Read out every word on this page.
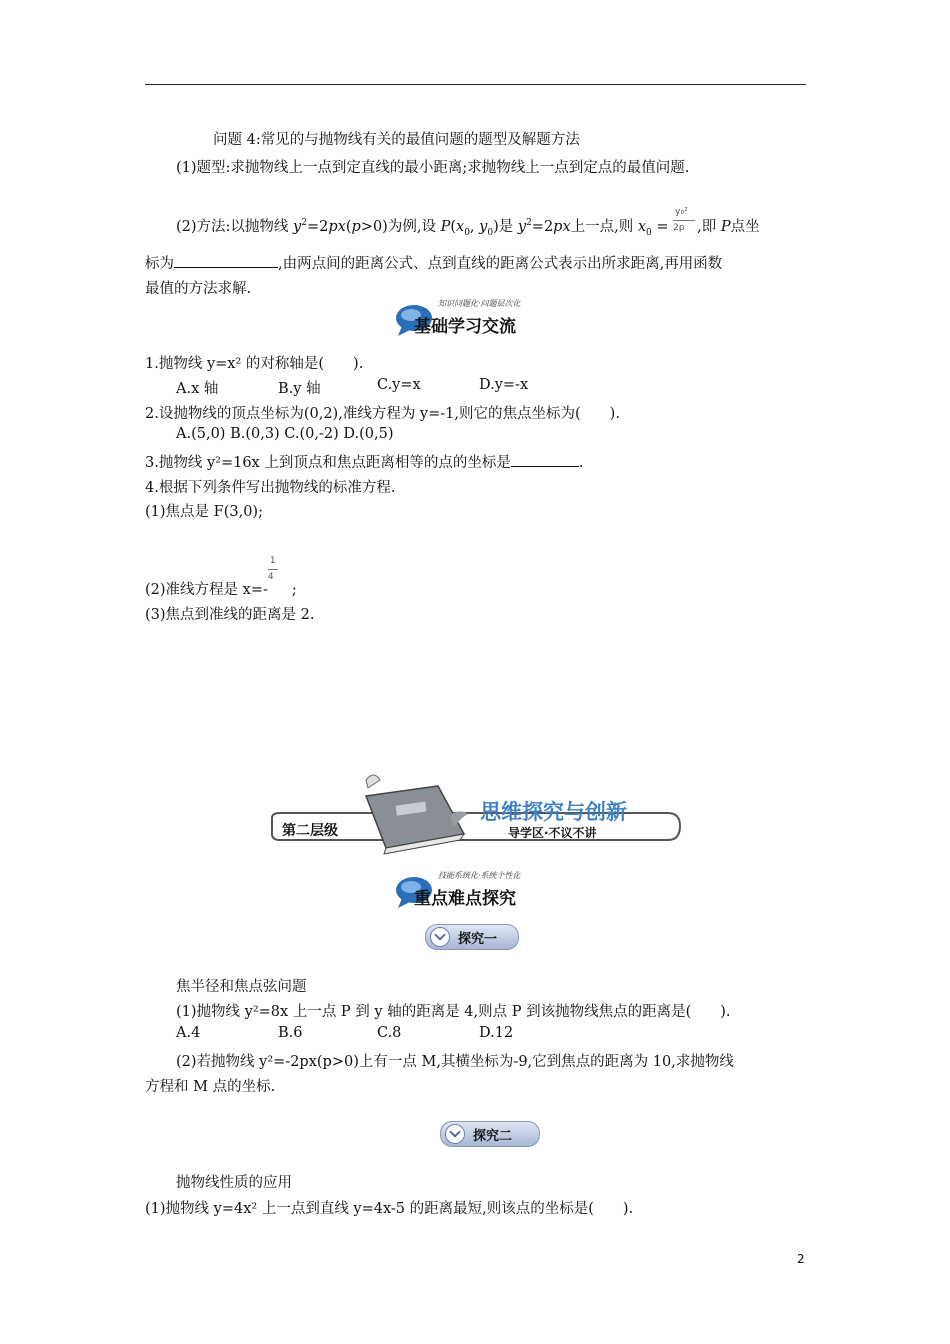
问题 4:常见的与抛物线有关的最值问题的题型及解题方法
(1)题型:求抛物线上一点到定直线的最小距离;求抛物线上一点到定点的最值问题.
(2)方法:以抛物线 $y^2=2px(p>0)$为例,设 $P(x_0$, $y_0$)是 $y^2=2px$上一点,则 $x_0 = \frac{\text{y₀²}}{2p}$ ,即 P点坐
标为	,由两点间的距离公式、点到直线的距离公式表示出所求距离,再用函数
最值的方法求解.
知识问题化·问题层次化
基础学习交流
1.抛物线 y=x² 的对称轴是(　　).
A.x 轴	B.y 轴	C.y=x	D.y=-x
2.设抛物线的顶点坐标为(0,2),准线方程为 y=-1,则它的焦点坐标为(　　).
A.(5,0) B.(0,3) C.(0,-2) D.(0,5)
3.抛物线 y²=16x 上到顶点和焦点距离相等的点的坐标是	.
4.根据下列条件写出抛物线的标准方程.
(1)焦点是 F(3,0);
(2)准线方程是 x=-
$\frac{1}{4}$
;
(3)焦点到准线的距离是 2.
第二层级
思维探究与创新
导学区·不议不讲
技能系统化·系统个性化
重点难点探究
探究一
焦半径和焦点弦问题
(1)抛物线 y²=8x 上一点 P 到 y 轴的距离是 4,则点 P 到该抛物线焦点的距离是(　　).
A.4	B.6	C.8	D.12
(2)若抛物线 y²=-2px(p>0)上有一点 M,其横坐标为-9,它到焦点的距离为 10,求抛物线
方程和 M 点的坐标.
探究二
抛物线性质的应用
(1)抛物线 y=4x² 上一点到直线 y=4x-5 的距离最短,则该点的坐标是(　　).
2
